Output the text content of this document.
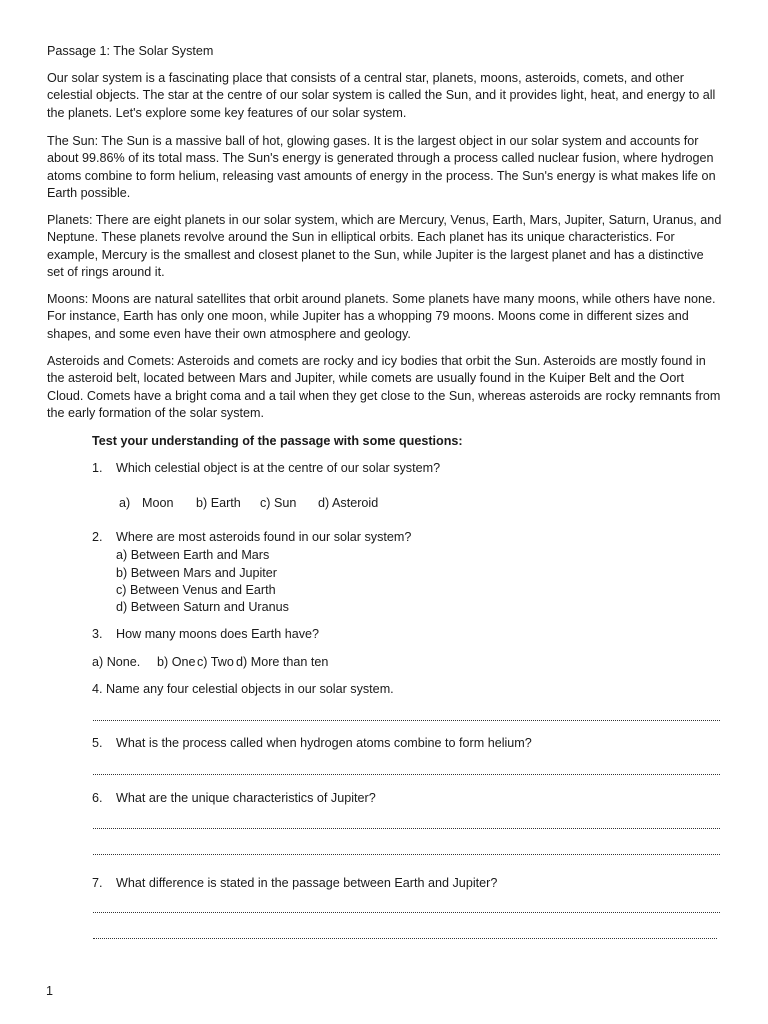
Passage 1: The Solar System

Our solar system is a fascinating place that consists of a central star, planets, moons, asteroids, comets, and other celestial objects. The star at the centre of our solar system is called the Sun, and it provides light, heat, and energy to all the planets. Let's explore some key features of our solar system.

The Sun: The Sun is a massive ball of hot, glowing gases. It is the largest object in our solar system and accounts for about 99.86% of its total mass. The Sun's energy is generated through a process called nuclear fusion, where hydrogen atoms combine to form helium, releasing vast amounts of energy in the process. The Sun's energy is what makes life on Earth possible.

Planets: There are eight planets in our solar system, which are Mercury, Venus, Earth, Mars, Jupiter, Saturn, Uranus, and Neptune. These planets revolve around the Sun in elliptical orbits. Each planet has its unique characteristics. For example, Mercury is the smallest and closest planet to the Sun, while Jupiter is the largest planet and has a distinctive set of rings around it.

Moons: Moons are natural satellites that orbit around planets. Some planets have many moons, while others have none. For instance, Earth has only one moon, while Jupiter has a whopping 79 moons. Moons come in different sizes and shapes, and some even have their own atmosphere and geology.

Asteroids and Comets: Asteroids and comets are rocky and icy bodies that orbit the Sun. Asteroids are mostly found in the asteroid belt, located between Mars and Jupiter, while comets are usually found in the Kuiper Belt and the Oort Cloud. Comets have a bright coma and a tail when they get close to the Sun, whereas asteroids are rocky remnants from the early formation of the solar system.

Test your understanding of the passage with some questions:
1. Which celestial object is at the centre of our solar system?
a) Moon b) Earth c) Sun d) Asteroid
2. Where are most asteroids found in our solar system?
a) Between Earth and Mars
b) Between Mars and Jupiter
c) Between Venus and Earth
d) Between Saturn and Uranus
3. How many moons does Earth have?
a) None. b) Onec) Two d) More than ten
4. Name any four celestial objects in our solar system.
5. What is the process called when hydrogen atoms combine to form helium?
6. What are the unique characteristics of Jupiter?
7. What difference is stated in the passage between Earth and Jupiter?
1
